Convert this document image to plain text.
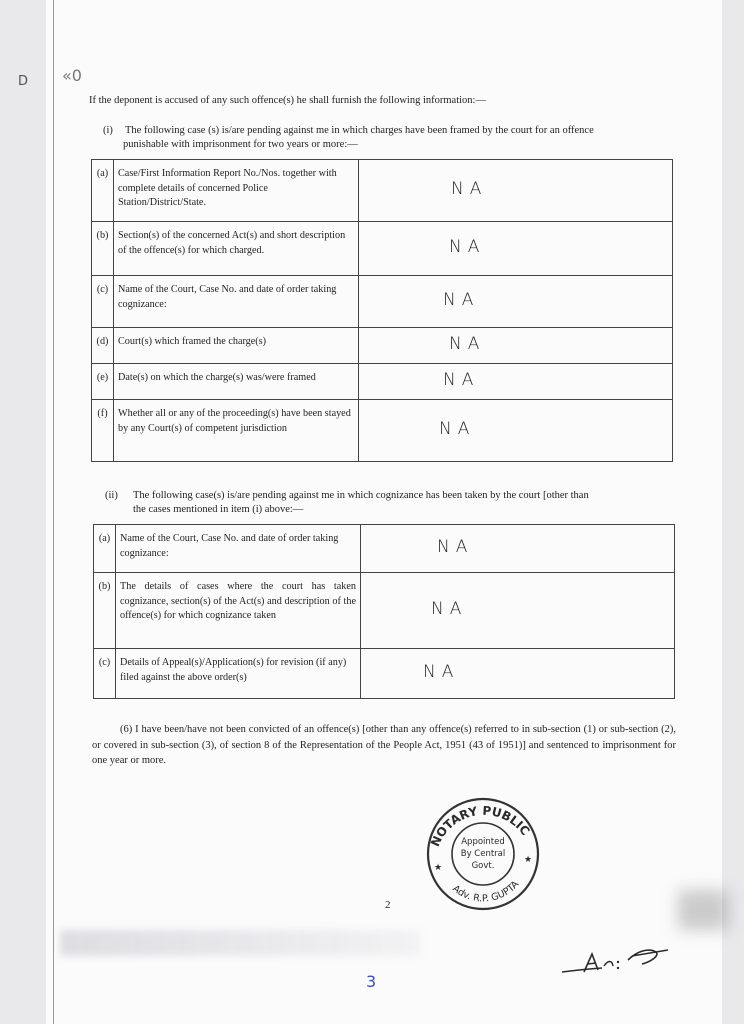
D «0
If the deponent is accused of any such offence(s) he shall furnish the following information:—
(i) The following case (s) is/are pending against me in which charges have been framed by the court for an offence
punishable with imprisonment for two years or more:—
(a)	Case/First Information Report No./Nos. together with complete details of concerned Police Station/District/State.	NA
(b)	Section(s) of the concerned Act(s) and short description of the offence(s) for which charged.	NA
(c)	Name of the Court, Case No. and date of order taking cognizance:	NA
(d)	Court(s) which framed the charge(s)	NA
(e)	Date(s) on which the charge(s) was/were framed	NA
(f)	Whether all or any of the proceeding(s) have been stayed by any Court(s) of competent jurisdiction	NA
(ii) The following case(s) is/are pending against me in which cognizance has been taken by the court [other than
the cases mentioned in item (i) above:—
(a)	Name of the Court, Case No. and date of order taking cognizance:	NA
(b)	The details of cases where the court has taken cognizance, section(s) of the Act(s) and description of the offence(s) for which cognizance taken	NA
(c)	Details of Appeal(s)/Application(s) for revision (if any) filed against the above order(s)	NA
(6) I have been/have not been convicted of an offence(s) [other than any offence(s) referred to in sub-section (1) or sub-section (2), or covered in sub-section (3), of section 8 of the Representation of the People Act, 1951 (43 of 1951)] and sentenced to imprisonment for one year or more.
NOTARY PUBLIC
Adv. R.P. GUPTA
★
★
Appointed
By Central
Govt.
2
3
